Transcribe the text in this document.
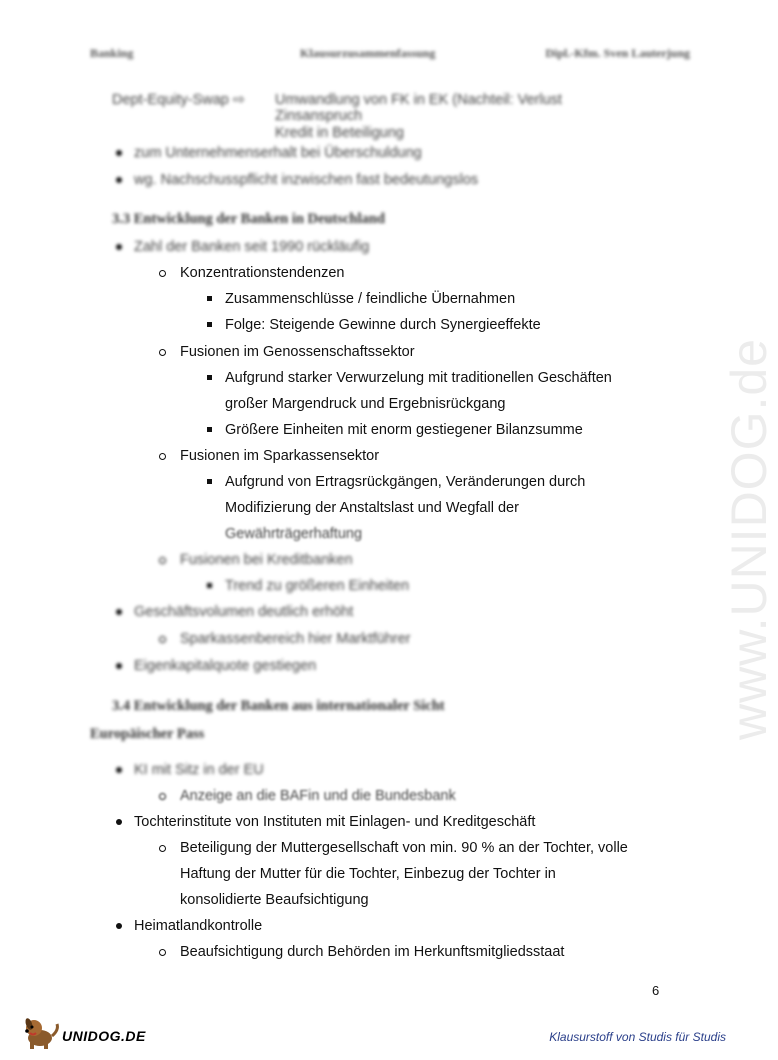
Banking	Klausurzusammenfassung	Dipl.-Kfm. Sven Lauterjung
www.UNIDOG.de
Dept-Equity-Swap ⇨ Umwandlung von FK in EK (Nachteil: Verlust
Zinsanspruch
Kredit in Beteiligung
zum Unternehmenserhalt bei Überschuldung
wg. Nachschusspflicht inzwischen fast bedeutungslos
3.3 Entwicklung der Banken in Deutschland
Zahl der Banken seit 1990 rückläufig
Konzentrationstendenzen
Zusammenschlüsse / feindliche Übernahmen
Folge: Steigende Gewinne durch Synergieeffekte
Fusionen im Genossenschaftssektor
Aufgrund starker Verwurzelung mit traditionellen Geschäften
großer Margendruck und Ergebnisrückgang
Größere Einheiten mit enorm gestiegener Bilanzsumme
Fusionen im Sparkassensektor
Aufgrund von Ertragsrückgängen, Veränderungen durch
Modifizierung der Anstaltslast und Wegfall der
Gewährträgerhaftung
Fusionen bei Kreditbanken
Trend zu größeren Einheiten
Geschäftsvolumen deutlich erhöht
Sparkassenbereich hier Marktführer
Eigenkapitalquote gestiegen
3.4 Entwicklung der Banken aus internationaler Sicht
Europäischer Pass
KI mit Sitz in der EU
Anzeige an die BAFin und die Bundesbank
Tochterinstitute von Instituten mit Einlagen- und Kreditgeschäft
Beteiligung der Muttergesellschaft von min. 90 % an der Tochter, volle
Haftung der Mutter für die Tochter, Einbezug der Tochter in
konsolidierte Beaufsichtigung
Heimatlandkontrolle
Beaufsichtigung durch Behörden im Herkunftsmitgliedsstaat
6
UNIDOG.DE	Klausurstoff von Studis für Studis
